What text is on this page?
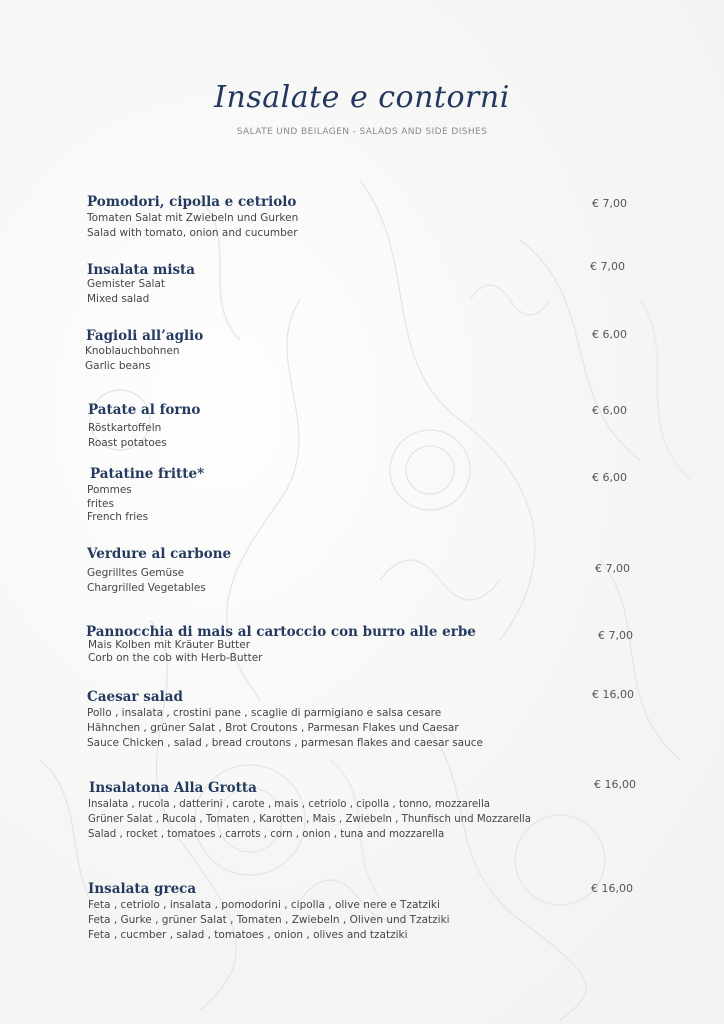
Insalate e contorni
SALATE UND BEILAGEN - SALADS AND SIDE DISHES
Pomodori, cipolla e cetriolo
Tomaten Salat mit Zwiebeln und Gurken
Salad with tomato, onion and cucumber
€ 7,00
Insalata mista
Gemister Salat
Mixed salad
€ 7,00
Fagioli all’aglio
Knoblauchbohnen
Garlic beans
€ 6,00
Patate al forno
Röstkartoffeln
Roast potatoes
€ 6,00
Patatine fritte*
Pommes
frites
French fries
€ 6,00
Verdure al carbone
Gegrilltes Gemüse
Chargrilled Vegetables
€ 7,00
Pannocchia di mais al cartoccio con burro alle erbe
Mais Kolben mit Kräuter Butter
Corb on the cob with Herb-Butter
€ 7,00
Caesar salad
Pollo , insalata , crostini pane , scaglie di parmigiano e salsa cesare
Hähnchen , grüner Salat , Brot Croutons , Parmesan Flakes und Caesar
Sauce Chicken , salad , bread croutons , parmesan flakes and caesar sauce
€ 16,00
Insalatona Alla Grotta
Insalata , rucola , datterini , carote , mais , cetriolo , cipolla , tonno, mozzarella
Grüner Salat , Rucola , Tomaten , Karotten , Mais , Zwiebeln , Thunfisch und Mozzarella
Salad , rocket , tomatoes , carrots , corn , onion , tuna and mozzarella
€ 16,00
Insalata greca
Feta , cetriolo , insalata , pomodorini , cipolla , olive nere e Tzatziki
Feta , Gurke , grüner Salat , Tomaten , Zwiebeln , Oliven und Tzatziki
Feta , cucmber , salad , tomatoes , onion , olives and tzatziki
€ 16,00
